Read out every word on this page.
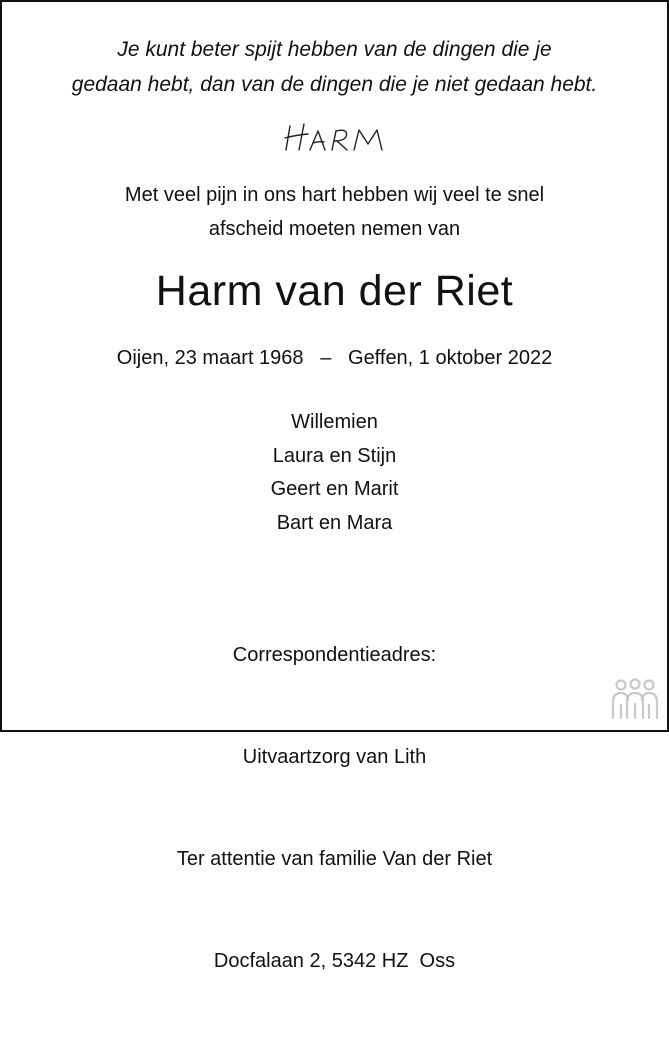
Je kunt beter spijt hebben van de dingen die je
gedaan hebt, dan van de dingen die je niet gedaan hebt.
Met veel pijn in ons hart hebben wij veel te snel
afscheid moeten nemen van
Harm van der Riet
Oijen, 23 maart 1968   –   Geffen, 1 oktober 2022
Willemien
Laura en Stijn
Geert en Marit
Bart en Mara

Correspondentieadres:

Uitvaartzorg van Lith

Ter attentie van familie Van der Riet

Docfalaan 2, 5342 HZ  Oss
